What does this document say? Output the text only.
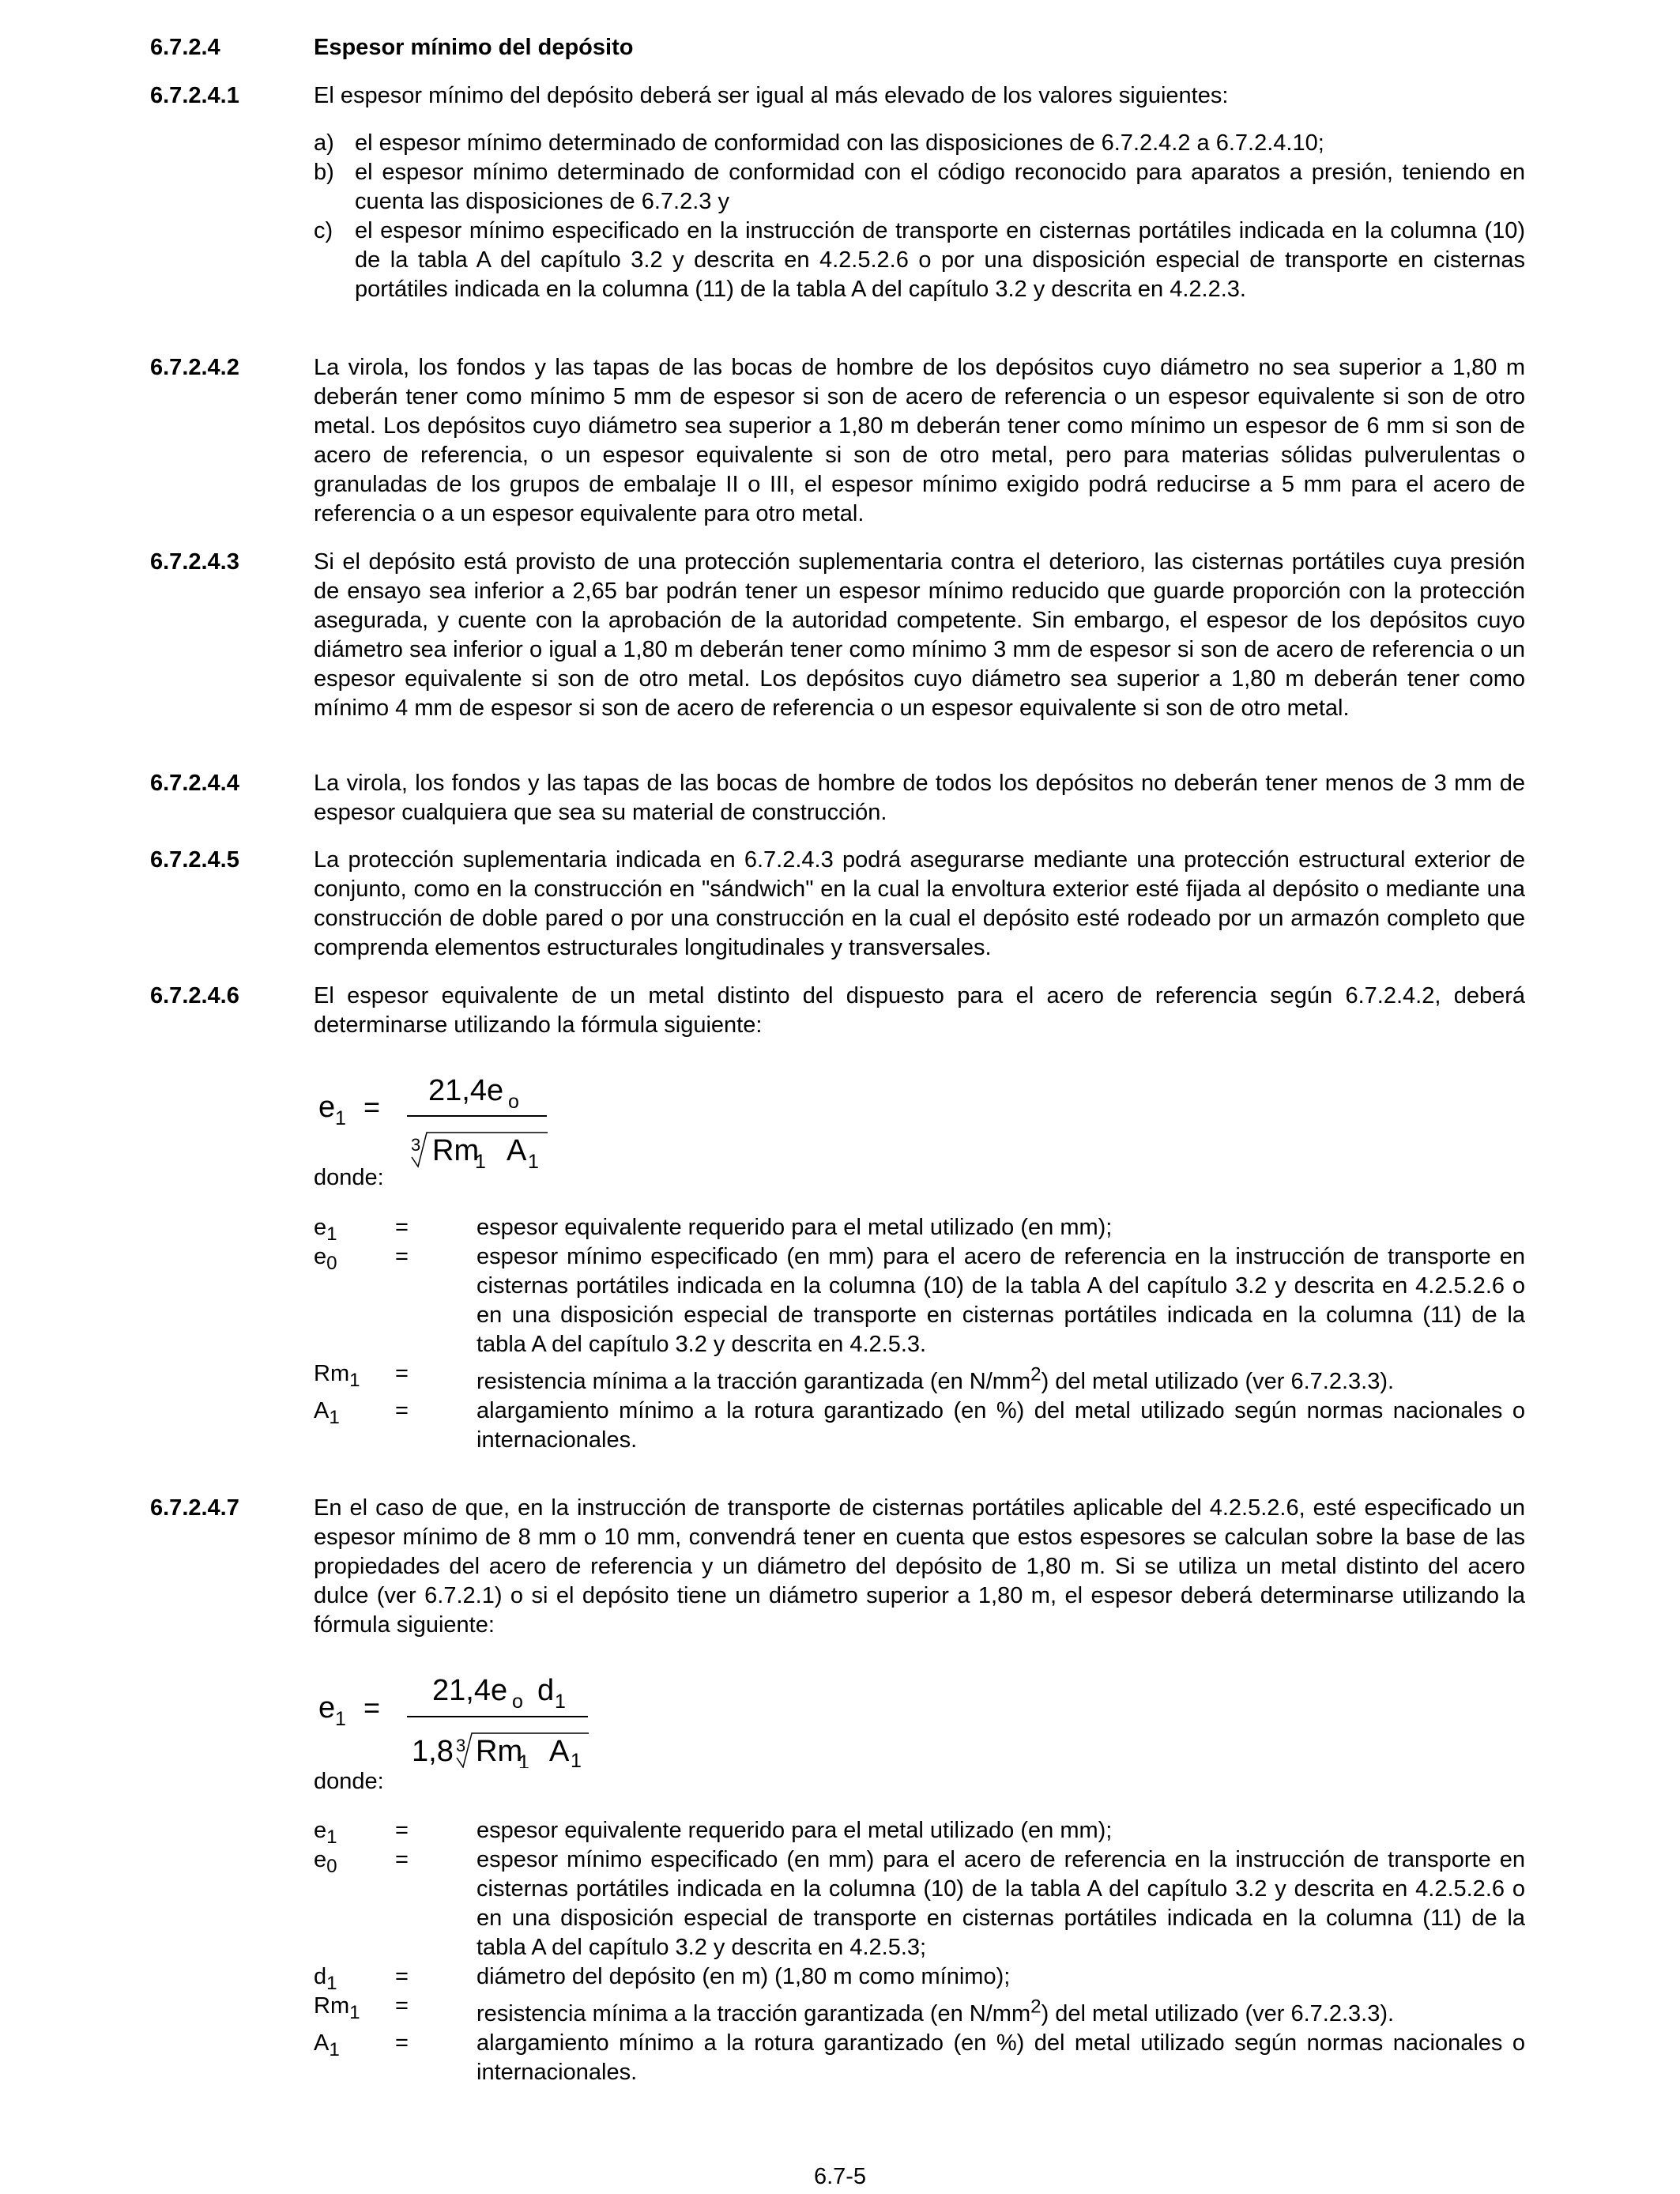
6.7.2.4	Espesor mínimo del depósito
6.7.2.4.1	El espesor mínimo del depósito deberá ser igual al más elevado de los valores siguientes:
a) el espesor mínimo determinado de conformidad con las disposiciones de 6.7.2.4.2 a 6.7.2.4.10;
b) el espesor mínimo determinado de conformidad con el código reconocido para aparatos a presión, teniendo en cuenta las disposiciones de 6.7.2.3 y
c) el espesor mínimo especificado en la instrucción de transporte en cisternas portátiles indicada en la columna (10) de la tabla A del capítulo 3.2 y descrita en 4.2.5.2.6 o por una disposición especial de transporte en cisternas portátiles indicada en la columna (11) de la tabla A del capítulo 3.2 y descrita en 4.2.2.3.
6.7.2.4.2	La virola, los fondos y las tapas de las bocas de hombre de los depósitos cuyo diámetro no sea superior a 1,80 m deberán tener como mínimo 5 mm de espesor si son de acero de referencia o un espesor equivalente si son de otro metal. Los depósitos cuyo diámetro sea superior a 1,80 m deberán tener como mínimo un espesor de 6 mm si son de acero de referencia, o un espesor equivalente si son de otro metal, pero para materias sólidas pulverulentas o granuladas de los grupos de embalaje II o III, el espesor mínimo exigido podrá reducirse a 5 mm para el acero de referencia o a un espesor equivalente para otro metal.
6.7.2.4.3	Si el depósito está provisto de una protección suplementaria contra el deterioro, las cisternas portátiles cuya presión de ensayo sea inferior a 2,65 bar podrán tener un espesor mínimo reducido que guarde proporción con la protección asegurada, y cuente con la aprobación de la autoridad competente. Sin embargo, el espesor de los depósitos cuyo diámetro sea inferior o igual a 1,80 m deberán tener como mínimo 3 mm de espesor si son de acero de referencia o un espesor equivalente si son de otro metal. Los depósitos cuyo diámetro sea superior a 1,80 m deberán tener como mínimo 4 mm de espesor si son de acero de referencia o un espesor equivalente si son de otro metal.
6.7.2.4.4	La virola, los fondos y las tapas de las bocas de hombre de todos los depósitos no deberán tener menos de 3 mm de espesor cualquiera que sea su material de construcción.
6.7.2.4.5	La protección suplementaria indicada en 6.7.2.4.3 podrá asegurarse mediante una protección estructural exterior de conjunto, como en la construcción en "sándwich" en la cual la envoltura exterior esté fijada al depósito o mediante una construcción de doble pared o por una construcción en la cual el depósito esté rodeado por un armazón completo que comprenda elementos estructurales longitudinales y transversales.
6.7.2.4.6	El espesor equivalente de un metal distinto del dispuesto para el acero de referencia según 6.7.2.4.2, deberá determinarse utilizando la fórmula siguiente:
e 1 = 21,4e o
3 Rm
1 A 1
donde:
$e_1$	=	espesor equivalente requerido para el metal utilizado (en mm);
$e_0$	=	espesor mínimo especificado (en mm) para el acero de referencia en la instrucción de transporte en cisternas portátiles indicada en la columna (10) de la tabla A del capítulo 3.2 y descrita en 4.2.5.2.6 o en una disposición especial de transporte en cisternas portátiles indicada en la columna (11) de la tabla A del capítulo 3.2 y descrita en 4.2.5.3.
$Rm_1$ =	resistencia mínima a la tracción garantizada (en $N/mm^2$) del metal utilizado (ver 6.7.2.3.3).
$A_1$ =	alargamiento mínimo a la rotura garantizado (en %) del metal utilizado según normas nacionales o internacionales.
6.7.2.4.7	En el caso de que, en la instrucción de transporte de cisternas portátiles aplicable del 4.2.5.2.6, esté especificado un espesor mínimo de 8 mm o 10 mm, convendrá tener en cuenta que estos espesores se calculan sobre la base de las propiedades del acero de referencia y un diámetro del depósito de 1,80 m. Si se utiliza un metal distinto del acero dulce (ver 6.7.2.1) o si el depósito tiene un diámetro superior a 1,80 m, el espesor deberá determinarse utilizando la fórmula siguiente:
e 1 =
21,4e o d 1
1,8 3 Rm
1 A 1
donde:
$e_1$	=	espesor equivalente requerido para el metal utilizado (en mm);
$e_0$	=	espesor mínimo especificado (en mm) para el acero de referencia en la instrucción de transporte en cisternas portátiles indicada en la columna (10) de la tabla A del capítulo 3.2 y descrita en 4.2.5.2.6 o en una disposición especial de transporte en cisternas portátiles indicada en la columna (11) de la tabla A del capítulo 3.2 y descrita en 4.2.5.3;
$d_1$	=	diámetro del depósito (en m) (1,80 m como mínimo);
$Rm_1$ =	resistencia mínima a la tracción garantizada (en $N/mm^2$) del metal utilizado (ver 6.7.2.3.3).
$A_1$ =	alargamiento mínimo a la rotura garantizado (en %) del metal utilizado según normas nacionales o internacionales.
6.7-5
